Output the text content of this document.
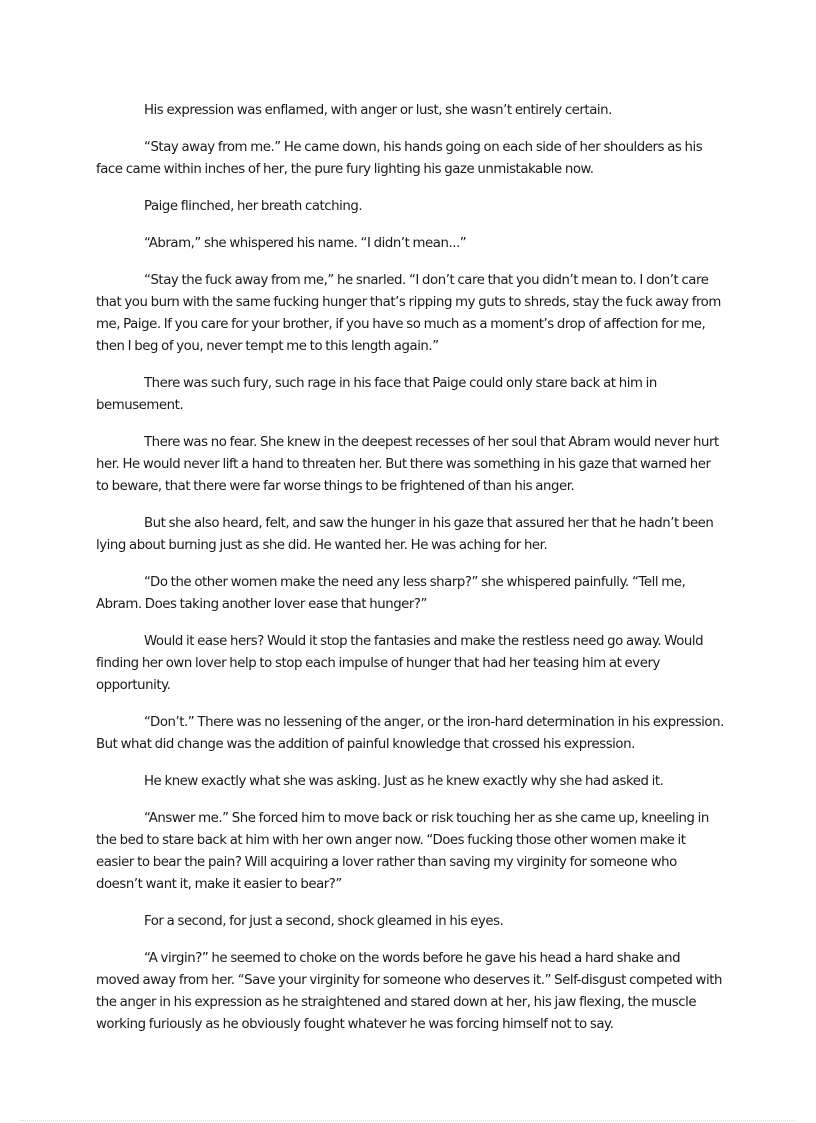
His expression was enflamed, with anger or lust, she wasn’t entirely certain.

“Stay away from me.” He came down, his hands going on each side of her shoulders as his face came within inches of her, the pure fury lighting his gaze unmistakable now.

Paige flinched, her breath catching.

“Abram,” she whispered his name. “I didn’t mean...”

“Stay the fuck away from me,” he snarled. “I don’t care that you didn’t mean to. I don’t care that you burn with the same fucking hunger that’s ripping my guts to shreds, stay the fuck away from me, Paige. If you care for your brother, if you have so much as a moment’s drop of affection for me, then I beg of you, never tempt me to this length again.”

There was such fury, such rage in his face that Paige could only stare back at him in bemusement.

There was no fear. She knew in the deepest recesses of her soul that Abram would never hurt her. He would never lift a hand to threaten her. But there was something in his gaze that warned her to beware, that there were far worse things to be frightened of than his anger.

But she also heard, felt, and saw the hunger in his gaze that assured her that he hadn’t been lying about burning just as she did. He wanted her. He was aching for her.

“Do the other women make the need any less sharp?” she whispered painfully. “Tell me, Abram. Does taking another lover ease that hunger?”

Would it ease hers? Would it stop the fantasies and make the restless need go away. Would finding her own lover help to stop each impulse of hunger that had her teasing him at every opportunity.

“Don’t.” There was no lessening of the anger, or the iron-hard determination in his expression. But what did change was the addition of painful knowledge that crossed his expression.

He knew exactly what she was asking. Just as he knew exactly why she had asked it.

“Answer me.” She forced him to move back or risk touching her as she came up, kneeling in the bed to stare back at him with her own anger now. “Does fucking those other women make it easier to bear the pain? Will acquiring a lover rather than saving my virginity for someone who doesn’t want it, make it easier to bear?”

For a second, for just a second, shock gleamed in his eyes.

“A virgin?” he seemed to choke on the words before he gave his head a hard shake and moved away from her. “Save your virginity for someone who deserves it.” Self-disgust competed with the anger in his expression as he straightened and stared down at her, his jaw flexing, the muscle working furiously as he obviously fought whatever he was forcing himself not to say.
